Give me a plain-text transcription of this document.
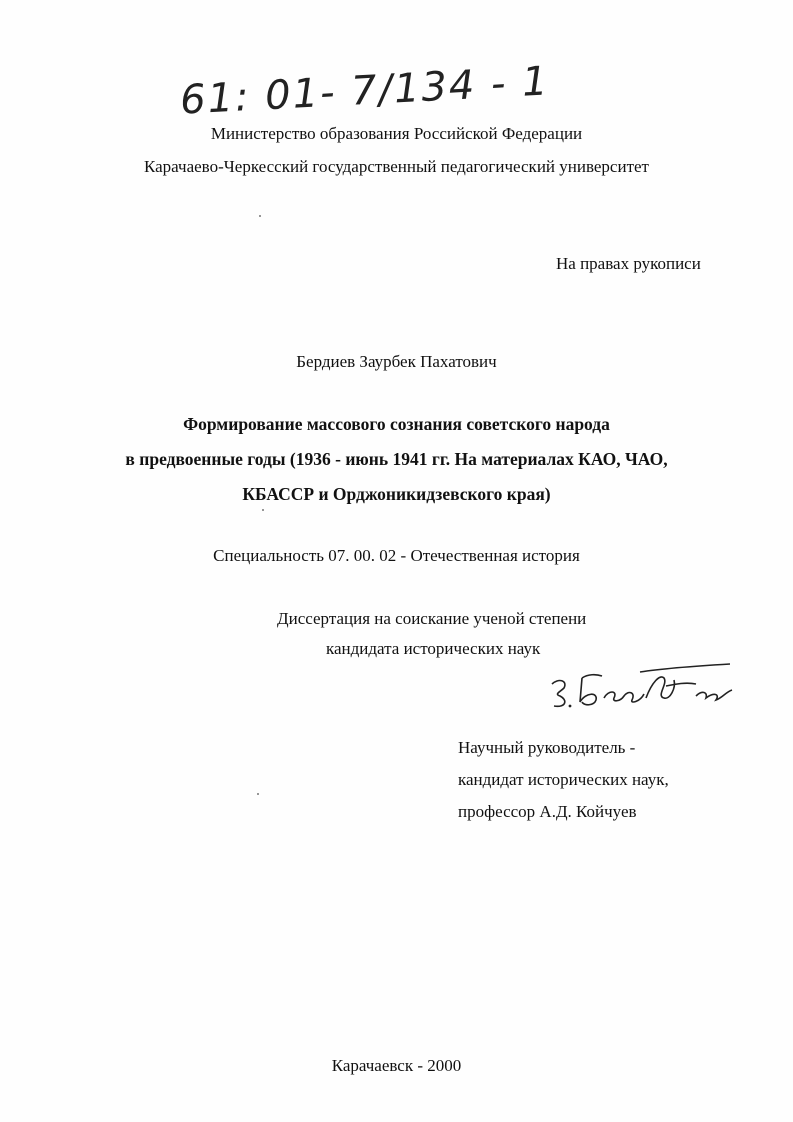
61: 01- 7/134 - 1
Министерство образования Российской Федерации
Карачаево-Черкесский государственный педагогический университет
На правах рукописи
Бердиев Заурбек Пахатович
Формирование массового сознания советского народа
в предвоенные годы (1936 - июнь 1941 гг. На материалах КАО, ЧАО,
КБАССР и Орджоникидзевского края)
Специальность 07. 00. 02 - Отечественная история
Диссертация на соискание ученой степени
кандидата исторических наук
Научный руководитель -
кандидат исторических наук,
профессор А.Д. Койчуев
Карачаевск - 2000
